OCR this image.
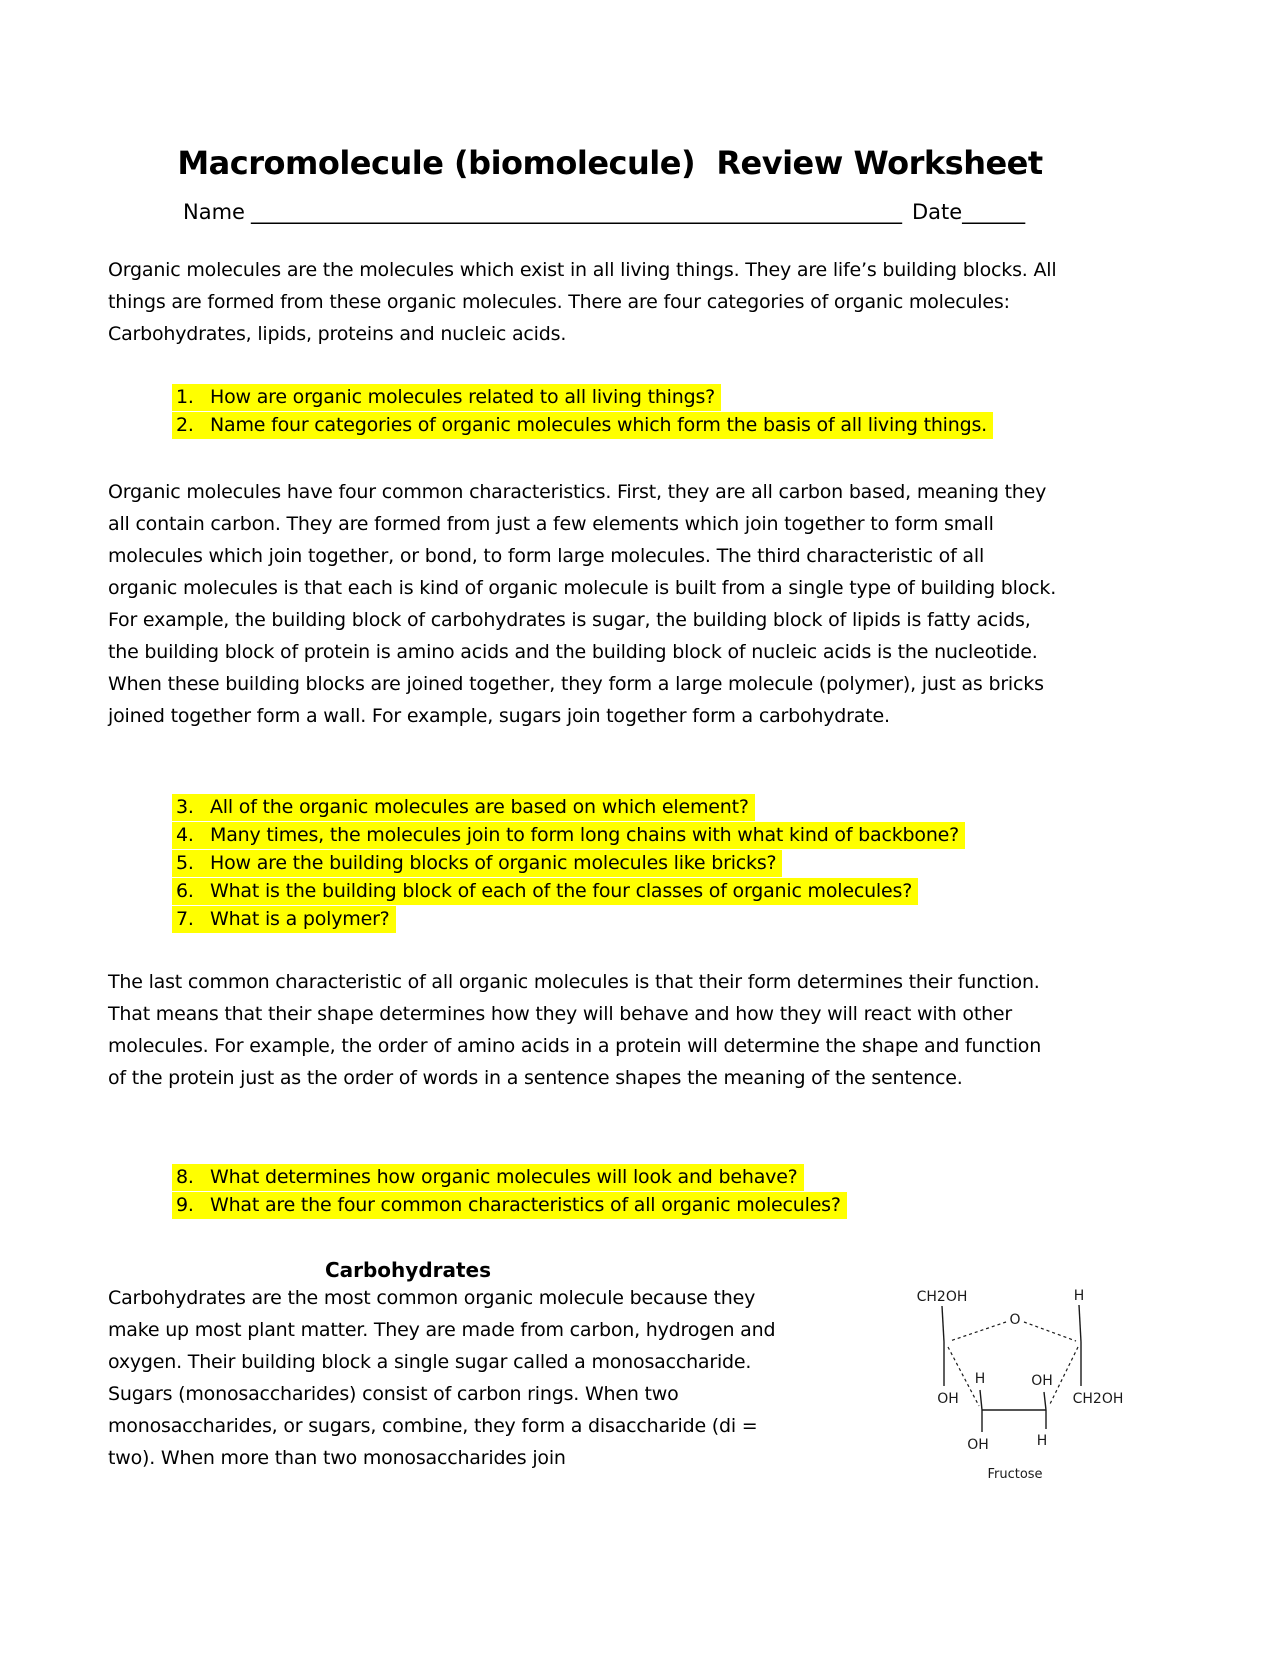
Macromolecule (biomolecule)  Review Worksheet
Name ______________________________________________________________ Date______

Organic molecules are the molecules which exist in all living things. They are life’s building blocks. All things are formed from these organic molecules. There are four categories of organic molecules: Carbohydrates, lipids, proteins and nucleic acids.

1. How are organic molecules related to all living things?
2. Name four categories of organic molecules which form the basis of all living things.

Organic molecules have four common characteristics. First, they are all carbon based, meaning they all contain carbon. They are formed from just a few elements which join together to form small molecules which join together, or bond, to form large molecules. The third characteristic of all organic molecules is that each is kind of organic molecule is built from a single type of building block. For example, the building block of carbohydrates is sugar, the building block of lipids is fatty acids, the building block of protein is amino acids and the building block of nucleic acids is the nucleotide. When these building blocks are joined together, they form a large molecule (polymer), just as bricks joined together form a wall. For example, sugars join together form a carbohydrate.

3. All of the organic molecules are based on which element?
4. Many times, the molecules join to form long chains with what kind of backbone?
5. How are the building blocks of organic molecules like bricks?
6. What is the building block of each of the four classes of organic molecules?
7. What is a polymer?

The last common characteristic of all organic molecules is that their form determines their function. That means that their shape determines how they will behave and how they will react with other molecules. For example, the order of amino acids in a protein will determine the shape and function of the protein just as the order of words in a sentence shapes the meaning of the sentence.

8. What determines how organic molecules will look and behave?
9. What are the four common characteristics of all organic molecules?
Carbohydrates

Carbohydrates are the most common organic molecule because they make up most plant matter. They are made from carbon, hydrogen and oxygen. Their building block a single sugar called a monosaccharide. Sugars (monosaccharides) consist of carbon rings. When two monosaccharides, or sugars, combine, they form a disaccharide (di = two). When more than two monosaccharides join

CH2OH	H
O
OH
H	OH
CH2OH
OH	H
Fructose
